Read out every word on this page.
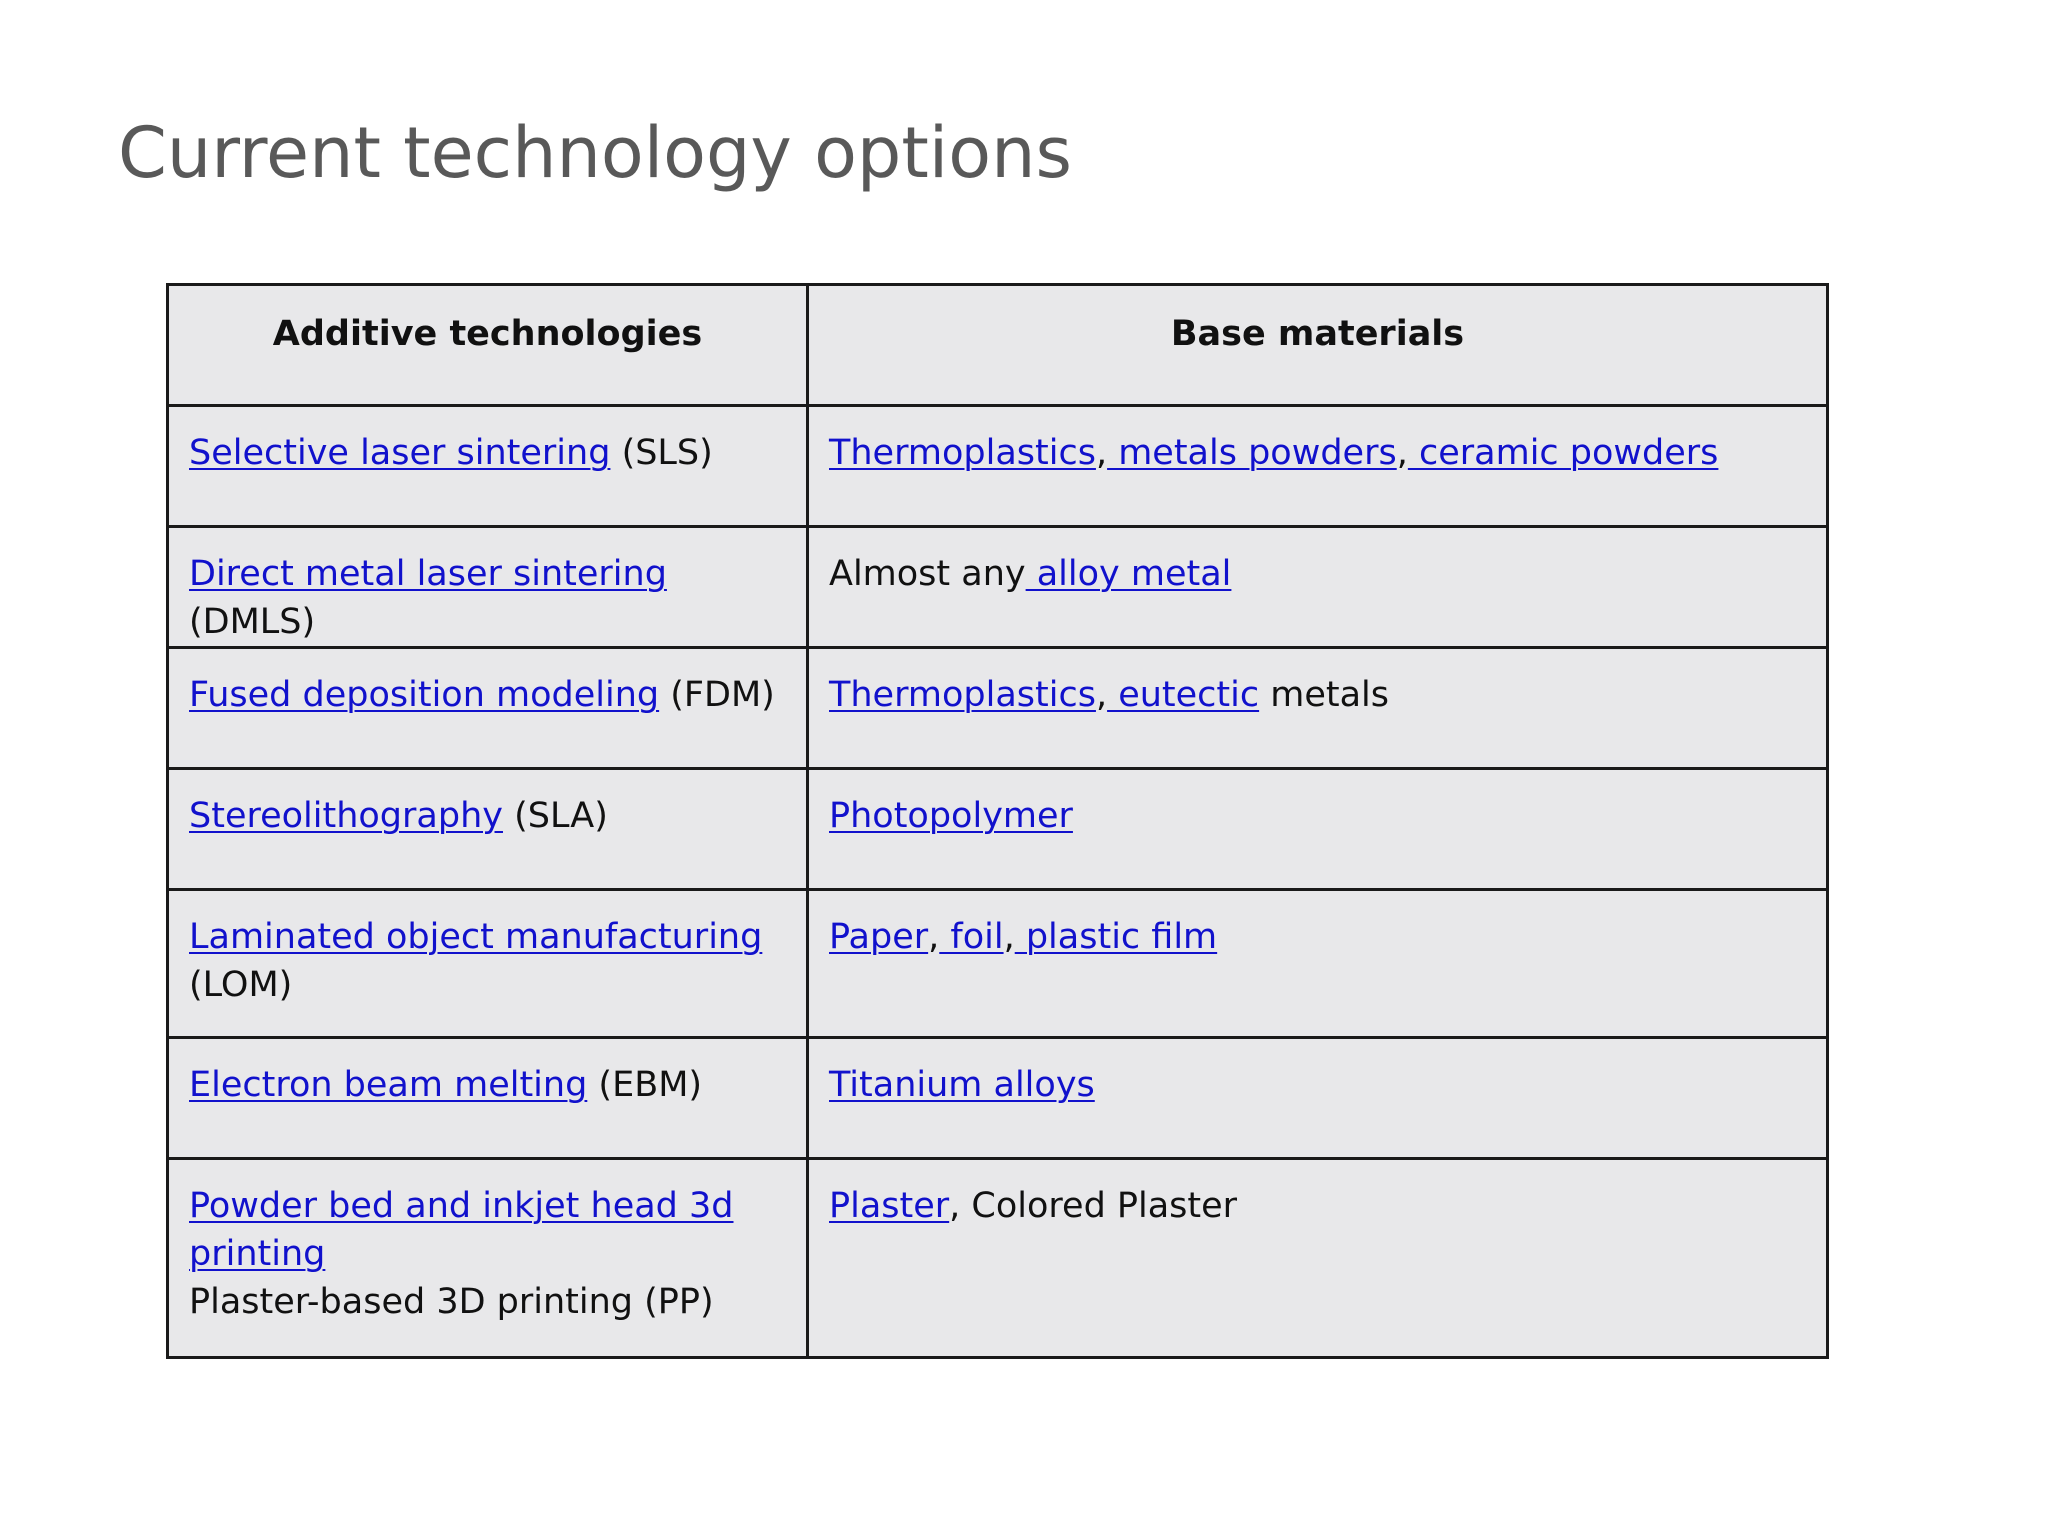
Current technology options
Additive technologies	Base materials
Selective laser sintering (SLS)	Thermoplastics, metals powders, ceramic powders
Direct metal laser sintering (DMLS)	Almost any alloy metal
Fused deposition modeling (FDM)	Thermoplastics, eutectic metals
Stereolithography (SLA)	Photopolymer

Laminated object manufacturing
(LOM)	Paper, foil, plastic film
Electron beam melting (EBM)	Titanium alloys

Powder bed and inkjet head 3d
printing
Plaster-based 3D printing (PP)	Plaster, Colored Plaster
